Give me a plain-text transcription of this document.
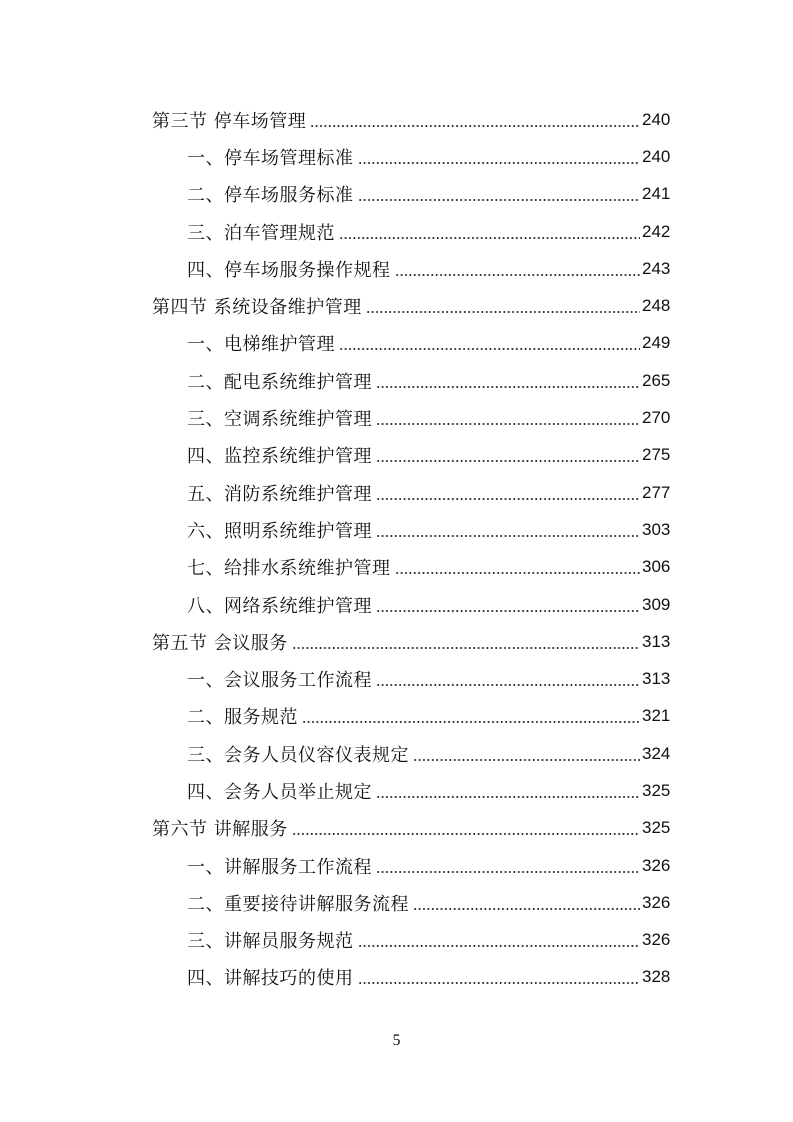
第三节 停车场管理	240
一、停车场管理标准	240
二、停车场服务标准	241
三、泊车管理规范	242
四、停车场服务操作规程	243
第四节 系统设备维护管理	248
一、电梯维护管理	249
二、配电系统维护管理	265
三、空调系统维护管理	270
四、监控系统维护管理	275
五、消防系统维护管理	277
六、照明系统维护管理	303
七、给排水系统维护管理	306
八、网络系统维护管理	309
第五节 会议服务	313
一、会议服务工作流程	313
二、服务规范	321
三、会务人员仪容仪表规定	324
四、会务人员举止规定	325
第六节 讲解服务	325
一、讲解服务工作流程	326
二、重要接待讲解服务流程	326
三、讲解员服务规范	326
四、讲解技巧的使用	328
5
